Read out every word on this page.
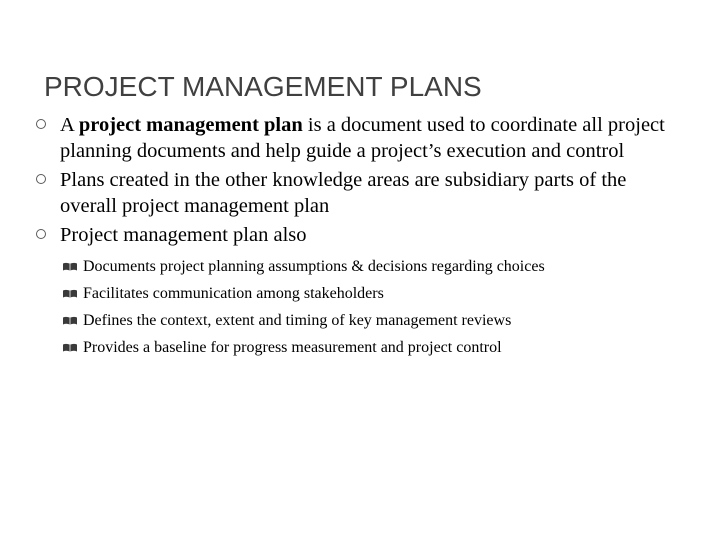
PROJECT MANAGEMENT PLANS
A project management plan is a document used to coordinate all project planning documents and help guide a project’s execution and control
Plans created in the other knowledge areas are subsidiary parts of the overall project management plan
Project management plan also
Documents project planning assumptions & decisions regarding choices
Facilitates communication among stakeholders
Defines the context, extent and timing of key management reviews
Provides a baseline for progress measurement and project control
